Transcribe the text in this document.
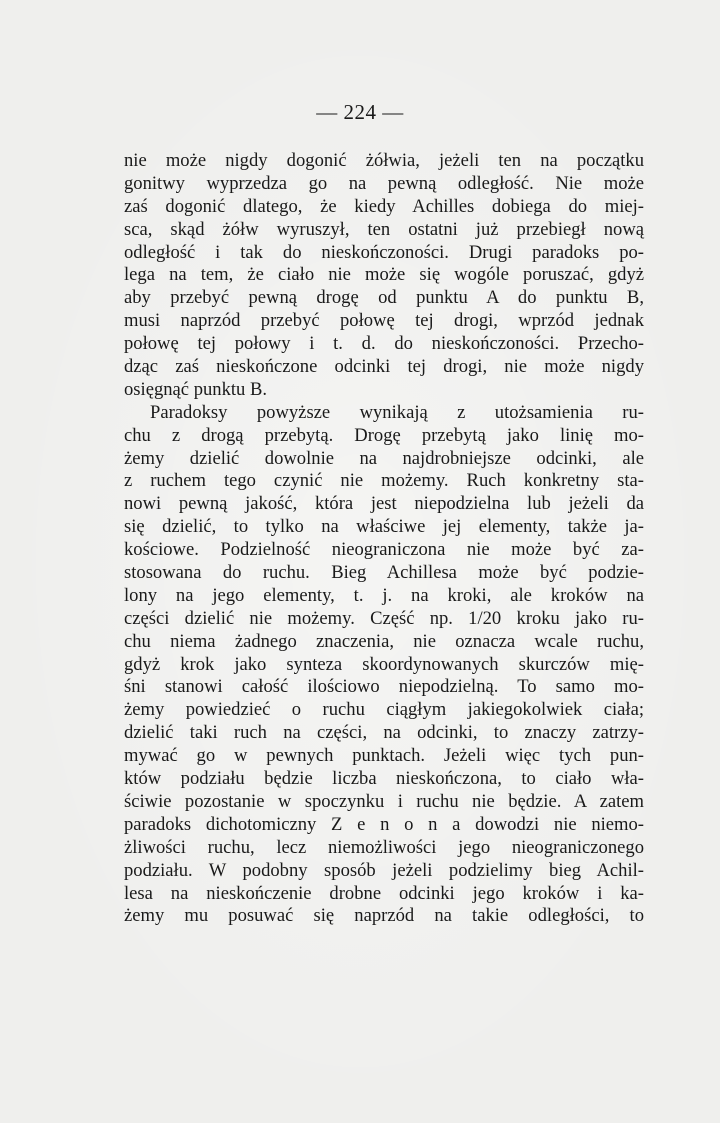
— 224 —
nie może nigdy dogonić żółwia, jeżeli ten na początku
gonitwy wyprzedza go na pewną odległość. Nie może
zaś dogonić dlatego, że kiedy Achilles dobiega do miej-
sca, skąd żółw wyruszył, ten ostatni już przebiegł nową
odległość i tak do nieskończoności. Drugi paradoks po-
lega na tem, że ciało nie może się wogóle poruszać, gdyż
aby przebyć pewną drogę od punktu A do punktu B,
musi naprzód przebyć połowę tej drogi, wprzód jednak
połowę tej połowy i t. d. do nieskończoności. Przecho-
dząc zaś nieskończone odcinki tej drogi, nie może nigdy
osięgnąć punktu B.
Paradoksy powyższe wynikają z utożsamienia ru-
chu z drogą przebytą. Drogę przebytą jako linię mo-
żemy dzielić dowolnie na najdrobniejsze odcinki, ale
z ruchem tego czynić nie możemy. Ruch konkretny sta-
nowi pewną jakość, która jest niepodzielna lub jeżeli da
się dzielić, to tylko na właściwe jej elementy, także ja-
kościowe. Podzielność nieograniczona nie może być za-
stosowana do ruchu. Bieg Achillesa może być podzie-
lony na jego elementy, t. j. na kroki, ale kroków na
części dzielić nie możemy. Część np. 1/20 kroku jako ru-
chu niema żadnego znaczenia, nie oznacza wcale ruchu,
gdyż krok jako synteza skoordynowanych skurczów mię-
śni stanowi całość ilościowo niepodzielną. To samo mo-
żemy powiedzieć o ruchu ciągłym jakiegokolwiek ciała;
dzielić taki ruch na części, na odcinki, to znaczy zatrzy-
mywać go w pewnych punktach. Jeżeli więc tych pun-
któw podziału będzie liczba nieskończona, to ciało wła-
ściwie pozostanie w spoczynku i ruchu nie będzie. A zatem
paradoks dichotomiczny Z e n o n a dowodzi nie niemo-
żliwości ruchu, lecz niemożliwości jego nieograniczonego
podziału. W podobny sposób jeżeli podzielimy bieg Achil-
lesa na nieskończenie drobne odcinki jego kroków i ka-
żemy mu posuwać się naprzód na takie odległości, to
